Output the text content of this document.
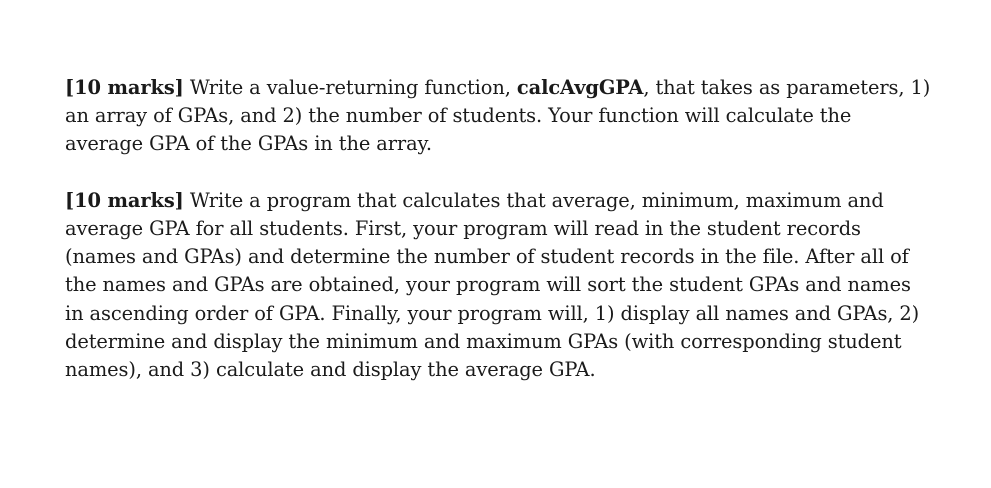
[10 marks] Write a value-returning function, calcAvgGPA, that takes as parameters, 1) an array of GPAs, and 2) the number of students. Your function will calculate the average GPA of the GPAs in the array.

[10 marks] Write a program that calculates that average, minimum, maximum and average GPA for all students. First, your program will read in the student records (names and GPAs) and determine the number of student records in the file. After all of the names and GPAs are obtained, your program will sort the student GPAs and names in ascending order of GPA. Finally, your program will, 1) display all names and GPAs, 2) determine and display the minimum and maximum GPAs (with corresponding student names), and 3) calculate and display the average GPA.
